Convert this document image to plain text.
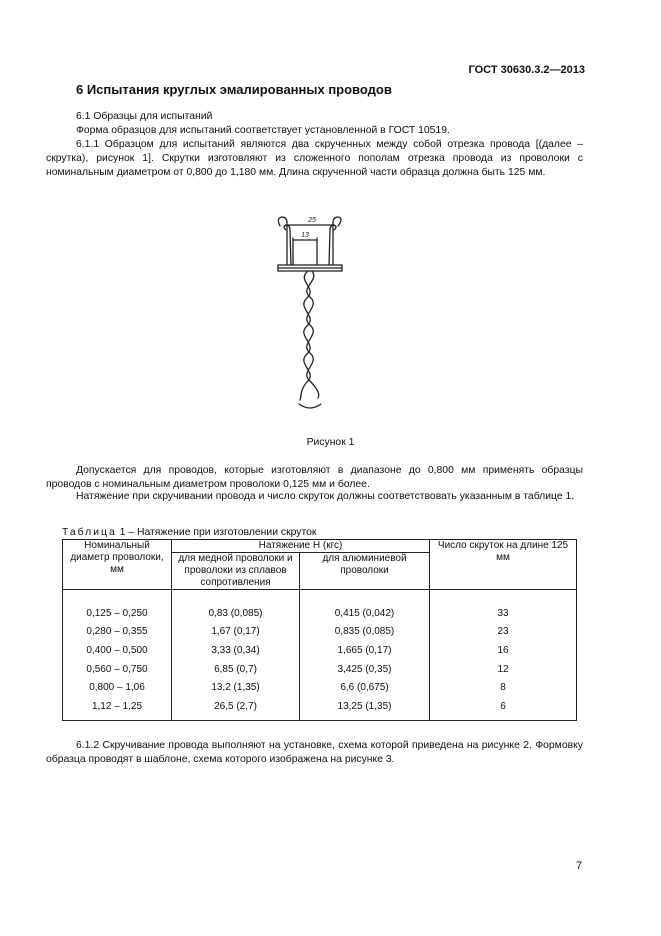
ГОСТ 30630.3.2—2013
6 Испытания круглых эмалированных проводов
6.1 Образцы для испытаний
Форма образцов для испытаний соответствует установленной в ГОСТ 10519.
6.1.1 Образцом для испытаний являются два скрученных между собой отрезка провода [(далее – скрутка), рисунок 1]. Скрутки изготовляют из сложенного пополам отрезка провода из проволоки с номинальным диаметром от 0,800 до 1,180 мм. Длина скрученной части образца должна быть 125 мм.
25
13
Рисунок 1
Допускается для проводов, которые изготовляют в диапазоне до 0,800 мм применять образцы проводов с номинальным диаметром проволоки 0,125 мм и более.
Натяжение при скручивании провода и число скруток должны соответствовать указанным в таблице 1.
Таблица 1 – Натяжение при изготовлении скруток
Номинальный диаметр проволоки, мм	Натяжение Н (кгс)		Число скруток на длине 125 мм
	для медной проволоки и проволоки из сплавов сопротивления	для алюминиевой проволоки	
0,125 – 0,250	0,83 (0,085)	0,415 (0,042)	33
0,280 – 0,355	1,67 (0,17)	0,835 (0,085)	23
0,400 – 0,500	3,33 (0,34)	1,665 (0,17)	16
0,560 – 0,750	6,85 (0,7)	3,425 (0,35)	12
0,800 – 1,06	13,2 (1,35)	6,6 (0,675)	8
1,12 – 1,25	26,5 (2,7)	13,25 (1,35)	6
6.1.2 Скручивание провода выполняют на установке, схема которой приведена на рисунке 2. Формовку образца проводят в шаблоне, схема которого изображена на рисунке 3.
7
